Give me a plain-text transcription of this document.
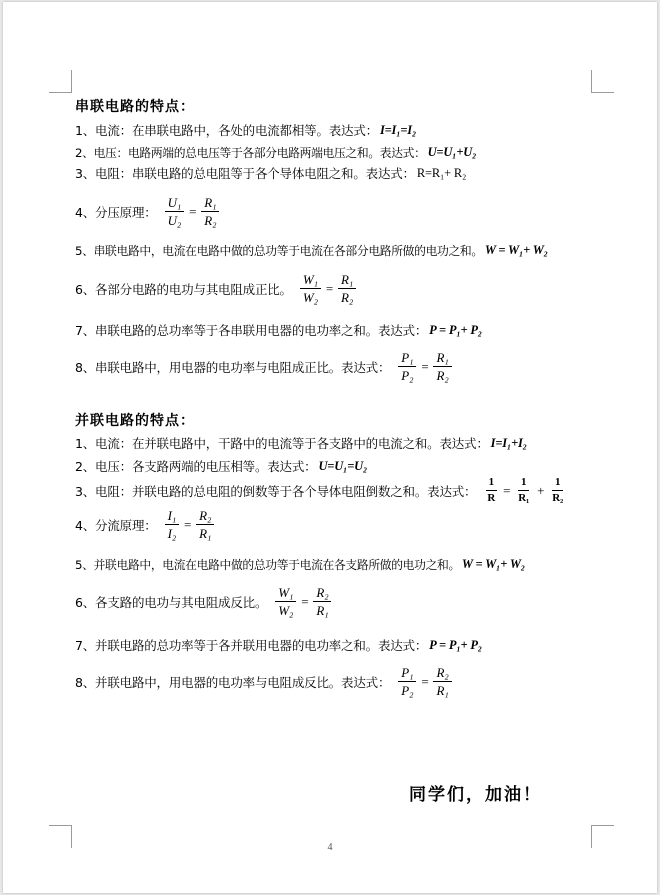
串联电路的特点：
1、电流：在串联电路中，各处的电流都相等。表达式： I=I₁=I₂
2、电压：电路两端的总电压等于各部分电路两端电压之和。表达式： U=U₁+U₂
3、电阻：串联电路的总电阻等于各个导体电阻之和。表达式： R=R₁+ R₂
4、分压原理： $\frac{\text{U₁}}{\text{U₂}} = \frac{\text{R₁}}{\text{R₂}}$
5、串联电路中，电流在电路中做的总功等于电流在各部分电路所做的电功之和。 W = W₁+ W₂
6、各部分电路的电功与其电阻成正比。 $\frac{\text{W₁}}{\text{W₂}} = \frac{\text{R₁}}{\text{R₂}}$
7、串联电路的总功率等于各串联用电器的电功率之和。表达式： P = P₁+ P₂
8、串联电路中，用电器的电功率与电阻成正比。表达式： $\frac{\text{P₁}}{\text{P₂}} = \frac{\text{R₁}}{\text{R₂}}$
并联电路的特点：
1、电流：在并联电路中，干路中的电流等于各支路中的电流之和。表达式： I=I₁+I₂
2、电压：各支路两端的电压相等。表达式： U=U₁=U₂
3、电阻：并联电路的总电阻的倒数等于各个导体电阻倒数之和。表达式： $\frac{1}{R} = \frac{1}{\text{R₁}} + \frac{1}{\text{R₂}}$
4、分流原理： $\frac{\text{I₁}}{\text{I₂}} = \frac{\text{R₂}}{\text{R₁}}$
5、并联电路中，电流在电路中做的总功等于电流在各支路所做的电功之和。 W = W₁+ W₂
6、各支路的电功与其电阻成反比。 $\frac{\text{W₁}}{\text{W₂}} = \frac{\text{R₂}}{\text{R₁}}$
7、并联电路的总功率等于各并联用电器的电功率之和。表达式： P = P₁+ P₂
8、并联电路中，用电器的电功率与电阻成反比。表达式： $\frac{\text{P₁}}{\text{P₂}} = \frac{\text{R₂}}{\text{R₁}}$
同学们，加油！
4
